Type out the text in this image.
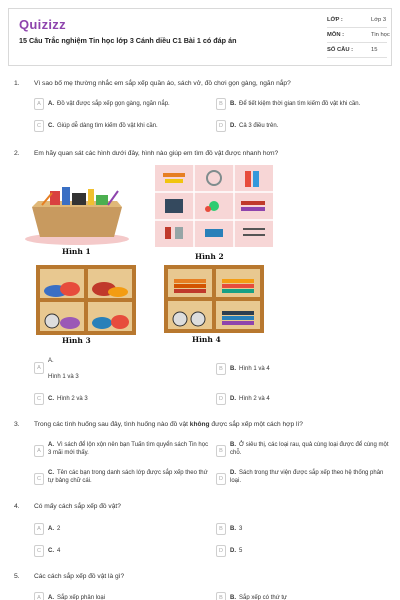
Quizizz
15 Câu Trắc nghiệm Tin học lớp 3 Cánh diều C1 Bài 1 có đáp án
LỚP :	Lớp 3
MÔN :	Tin học
SỐ CÂU :	15
1. Vì sao bố mẹ thường nhắc em sắp xếp quần áo, sách vở, đồ chơi gọn gàng, ngăn nắp?
A	A. Đồ vật được sắp xếp gọn gàng, ngăn nắp.	B	B. Để tiết kiệm thời gian tìm kiếm đồ vật khi cần.
C	C. Giúp dễ dàng tìm kiếm đồ vật khi cần.	D	D. Cả 3 điều trên.
2. Em hãy quan sát các hình dưới đây, hình nào giúp em tìm đồ vật được nhanh hơn?
Hình 1
Hình 2
Hình 3	Hình 4
A
A.
Hình 1 và 3
B	B. Hình 1 và 4
C	C. Hình 2 và 3	D	D. Hình 2 và 4
3. Trong các tình huống sau đây, tình huống nào đồ vật không được sắp xếp một cách hợp lí?
A
A. Vì sách để lộn xộn nên bạn Tuấn tìm quyển sách Tin học 3 mãi mới thấy.	B
B. Ở siêu thị, các loại rau, quả cùng loại được để cùng một chỗ.
C
C. Tên các bạn trong danh sách lớp được sắp xếp theo thứ tự bảng chữ cái.	D
D. Sách trong thư viện được sắp xếp theo hệ thống phân loại.
4. Có mấy cách sắp xếp đồ vật?
A	A. 2	B	B. 3
C	C. 4	D	D. 5
5. Các cách sắp xếp đồ vật là gì?
A	A. Sắp xếp phân loại	B	B. Sắp xếp có thứ tự
